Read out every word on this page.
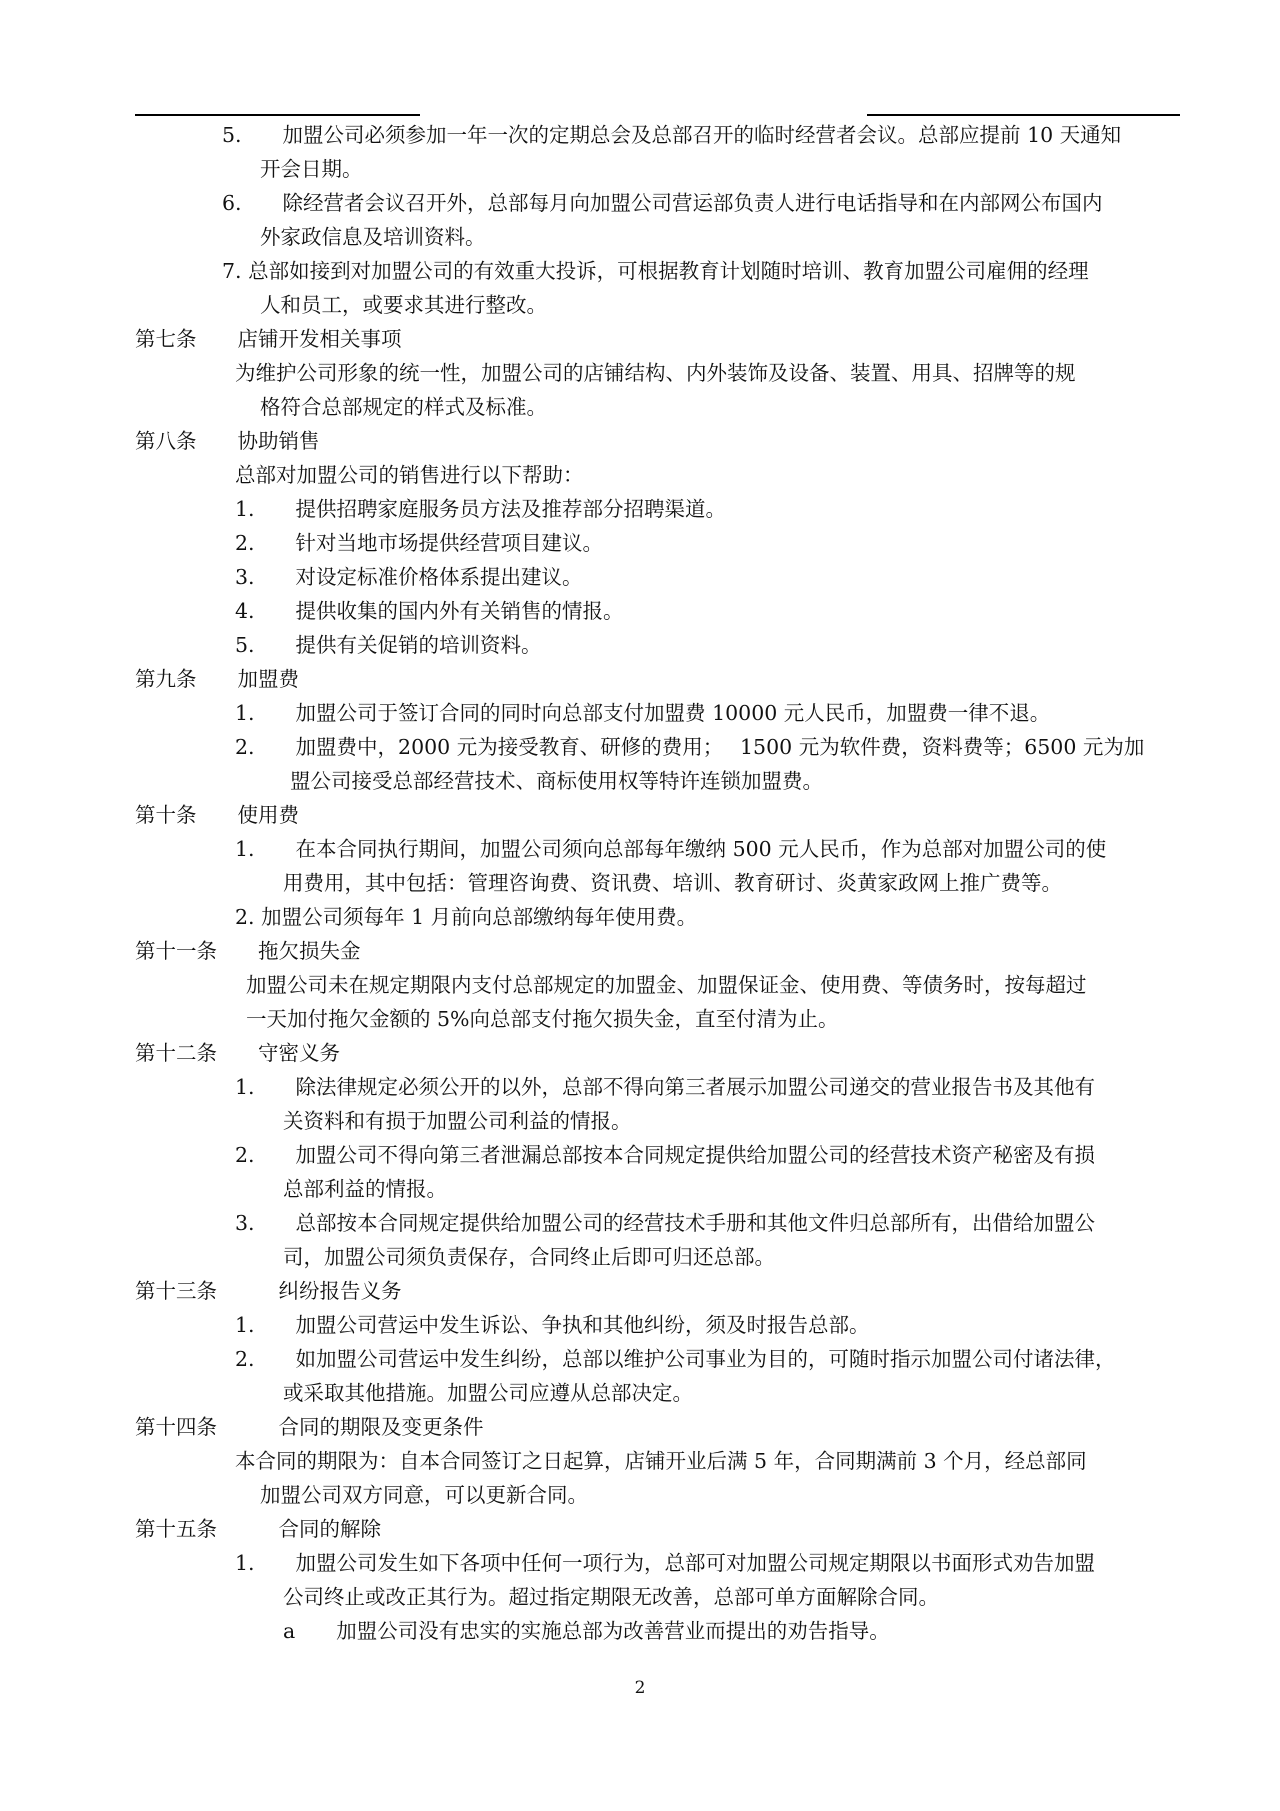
5.　　加盟公司必须参加一年一次的定期总会及总部召开的临时经营者会议。总部应提前 10 天通知
开会日期。
6.　　除经营者会议召开外，总部每月向加盟公司营运部负责人进行电话指导和在内部网公布国内
外家政信息及培训资料。
7. 总部如接到对加盟公司的有效重大投诉，可根据教育计划随时培训、教育加盟公司雇佣的经理
人和员工，或要求其进行整改。
第七条　　店铺开发相关事项
为维护公司形象的统一性，加盟公司的店铺结构、内外装饰及设备、装置、用具、招牌等的规
格符合总部规定的样式及标准。
第八条　　协助销售
总部对加盟公司的销售进行以下帮助：
1.　　提供招聘家庭服务员方法及推荐部分招聘渠道。
2.　　针对当地市场提供经营项目建议。
3.　　对设定标准价格体系提出建议。
4.　　提供收集的国内外有关销售的情报。
5.　　提供有关促销的培训资料。
第九条　　加盟费
1.　　加盟公司于签订合同的同时向总部支付加盟费 10000 元人民币，加盟费一律不退。
2.　　加盟费中，2000 元为接受教育、研修的费用；　 1500 元为软件费，资料费等；6500 元为加
盟公司接受总部经营技术、商标使用权等特许连锁加盟费。
第十条　　使用费
1.　　在本合同执行期间，加盟公司须向总部每年缴纳 500 元人民币，作为总部对加盟公司的使
用费用，其中包括：管理咨询费、资讯费、培训、教育研讨、炎黄家政网上推广费等。
2. 加盟公司须每年 1 月前向总部缴纳每年使用费。
第十一条　　拖欠损失金
加盟公司未在规定期限内支付总部规定的加盟金、加盟保证金、使用费、等债务时，按每超过
一天加付拖欠金额的 5%向总部支付拖欠损失金，直至付清为止。
第十二条　　守密义务
1.　　除法律规定必须公开的以外，总部不得向第三者展示加盟公司递交的营业报告书及其他有
关资料和有损于加盟公司利益的情报。
2.　　加盟公司不得向第三者泄漏总部按本合同规定提供给加盟公司的经营技术资产秘密及有损
总部利益的情报。
3.　　总部按本合同规定提供给加盟公司的经营技术手册和其他文件归总部所有，出借给加盟公
司，加盟公司须负责保存，合同终止后即可归还总部。
第十三条　　　纠纷报告义务
1.　　加盟公司营运中发生诉讼、争执和其他纠纷，须及时报告总部。
2.　　如加盟公司营运中发生纠纷，总部以维护公司事业为目的，可随时指示加盟公司付诸法律，
或采取其他措施。加盟公司应遵从总部决定。
第十四条　　　合同的期限及变更条件
本合同的期限为：自本合同签订之日起算，店铺开业后满 5 年，合同期满前 3 个月，经总部同
加盟公司双方同意，可以更新合同。
第十五条　　　合同的解除
1.　　加盟公司发生如下各项中任何一项行为，总部可对加盟公司规定期限以书面形式劝告加盟
公司终止或改正其行为。超过指定期限无改善，总部可单方面解除合同。
a　　加盟公司没有忠实的实施总部为改善营业而提出的劝告指导。
2
